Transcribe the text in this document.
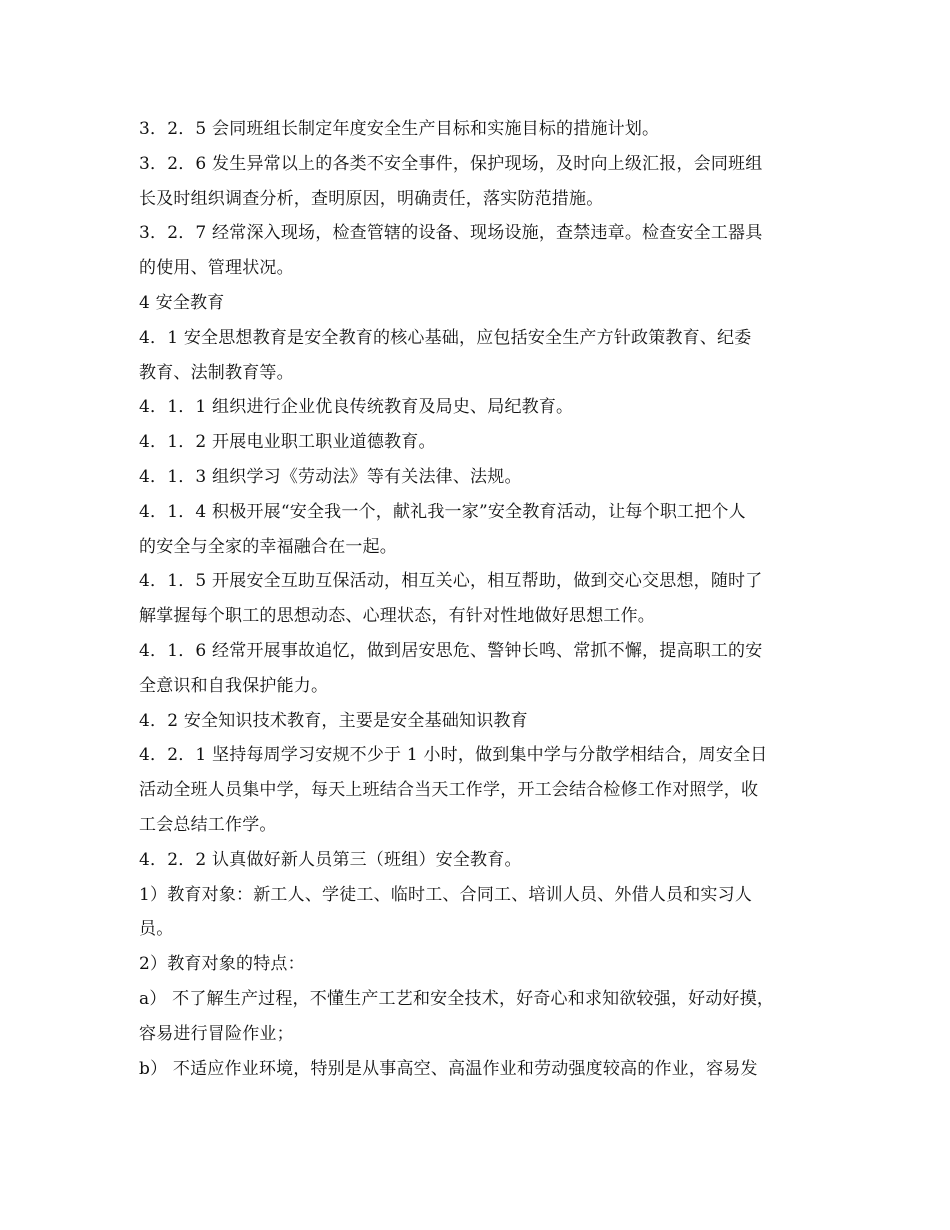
3．2．5 会同班组长制定年度安全生产目标和实施目标的措施计划。
3．2．6 发生异常以上的各类不安全事件，保护现场，及时向上级汇报，会同班组
长及时组织调查分析，查明原因，明确责任，落实防范措施。
3．2．7 经常深入现场，检查管辖的设备、现场设施，查禁违章。检查安全工器具
的使用、管理状况。
4 安全教育
4．1 安全思想教育是安全教育的核心基础，应包括安全生产方针政策教育、纪委
教育、法制教育等。
4．1．1 组织进行企业优良传统教育及局史、局纪教育。
4．1．2 开展电业职工职业道德教育。
4．1．3 组织学习《劳动法》等有关法律、法规。
4．1．4 积极开展“安全我一个，献礼我一家”安全教育活动，让每个职工把个人
的安全与全家的幸福融合在一起。
4．1．5 开展安全互助互保活动，相互关心，相互帮助，做到交心交思想，随时了
解掌握每个职工的思想动态、心理状态，有针对性地做好思想工作。
4．1．6 经常开展事故追忆，做到居安思危、警钟长鸣、常抓不懈，提高职工的安
全意识和自我保护能力。
4．2 安全知识技术教育，主要是安全基础知识教育
4．2．1 坚持每周学习安规不少于 1 小时，做到集中学与分散学相结合，周安全日
活动全班人员集中学，每天上班结合当天工作学，开工会结合检修工作对照学，收
工会总结工作学。
4．2．2 认真做好新人员第三（班组）安全教育。
1）教育对象：新工人、学徒工、临时工、合同工、培训人员、外借人员和实习人
员。
2）教育对象的特点：
a） 不了解生产过程，不懂生产工艺和安全技术，好奇心和求知欲较强，好动好摸，
容易进行冒险作业；
b） 不适应作业环境，特别是从事高空、高温作业和劳动强度较高的作业，容易发
